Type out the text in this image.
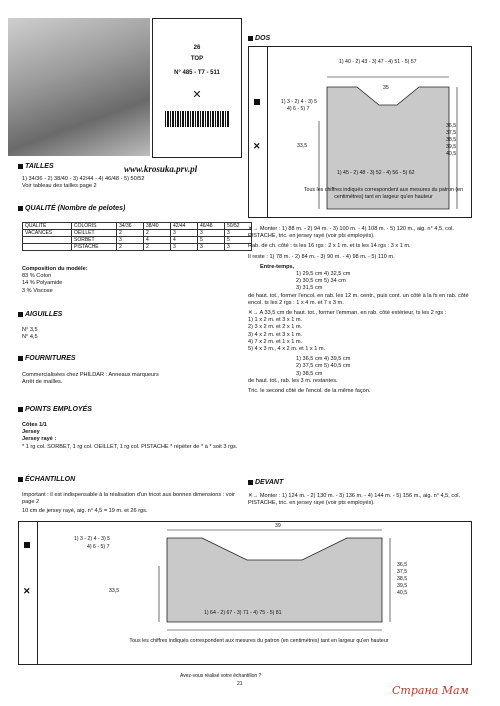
26
TOP
N° 485 - T7 - 511
✕
www.krosuka.prv.pl
TAILLES
1) 34/36 - 2) 38/40 - 3) 42/44 - 4) 46/48 - 5) 50/52
Voir tableau des tailles page 2
QUALITÉ (Nombre de pelotes)
QUALITÉ	COLORIS	34/36	38/40	42/44	46/48	50/52
VACANCES	OEILLET	2	2	3	3	3
	SORBET	3	4	4	5	5
	PISTACHE	2	2	3	3	3
Composition du modèle:
83 % Coton
14 % Polyamide
3 % Viscose
AIGUILLES
N° 3,5
N° 4,5
FOURNITURES
Commercialisées chez PHILDAR : Anneaux marqueurs
Arrêt de mailles.
POINTS EMPLOYÉS
Côtes 1/1
Jersey
Jersey rayé :
* 1 rg col. SORBET, 1 rg col. OEILLET, 1 rg col. PISTACHE * répéter de * à * soit 3 rgs.
ÉCHANTILLON
Important : il est indispensable à la réalisation d'un tricot aux bonnes dimensions : voir page 2
10 cm de jersey rayé, aig. n° 4,5 = 19 m. et 26 rgs.
DOS
✕
1) 40 - 2) 43 - 3) 47 - 4) 51 - 5) 57
35
1) 3 - 2) 4 - 3) 5
4) 6 - 5) 7
33,5
36,5
37,5
38,5
39,5
40,5
1) 45 - 2) 48 - 3) 52 - 4) 56 - 5) 62
Tous les chiffres indiqués correspondent aux mesures du patron (en centimètres) tant en largeur qu'en hauteur
✕→ Monter : 1) 88 m. - 2) 94 m. - 3) 100 m. - 4) 108 m. - 5) 120 m., aig. n° 4,5, col. PISTACHE, tric. en jersey rayé (voir pts employés).
Rab. de ch. côté : ts les 16 rgs : 2 x 1 m. et ts les 14 rgs : 3 x 1 m.
Il reste : 1) 78 m. - 2) 84 m. - 3) 90 m. - 4) 98 m. - 5) 110 m.
Entre-temps,
1) 29,5 cm 4) 32,5 cm
2) 30,5 cm 5) 34 cm
3) 31,5 cm
de haut. tot., former l'encol. en rab. les 12 m. centr., puis cont. un côté à la fs en rab. côté encol. ts les 2 rgs : 1 x 4 m. et 7 x 3 m.
✕→ A 33,5 cm de haut. tot., former l'emman. en rab. côté extérieur, ts les 2 rgs :
1) 1 x 2 m. et 3 x 1 m.
2) 3 x 2 m. et 2 x 1 m.
3) 4 x 2 m. et 3 x 1 m.
4) 7 x 2 m. et 1 x 1 m.
5) 4 x 3 m., 4 x 2 m. et 1 x 1 m.
1) 36,5 cm 4) 39,5 cm
2) 37,5 cm 5) 40,5 cm
3) 38,5 cm
de haut. tot., rab. les 3 m. restantes.
Tric. le second côté de l'encol. de la même façon.
DEVANT
✕→ Monter : 1) 124 m. - 2) 130 m. - 3) 136 m. - 4) 144 m. - 5) 156 m., aig. n° 4,5, col. PISTACHE, tric. en jersey rayé (voir pts employés).
✕
39
1) 3 - 2) 4 - 3) 5
4) 6 - 5) 7
33,5
36,5
37,5
38,5
39,5
40,5
1) 64 - 2) 67 - 3) 71 - 4) 75 - 5) 81
Tous les chiffres indiqués correspondent aux mesures du patron (en centimètres) tant en largeur qu'en hauteur
Avez-vous réalisé votre échantillon ?
21	Страна Мам
